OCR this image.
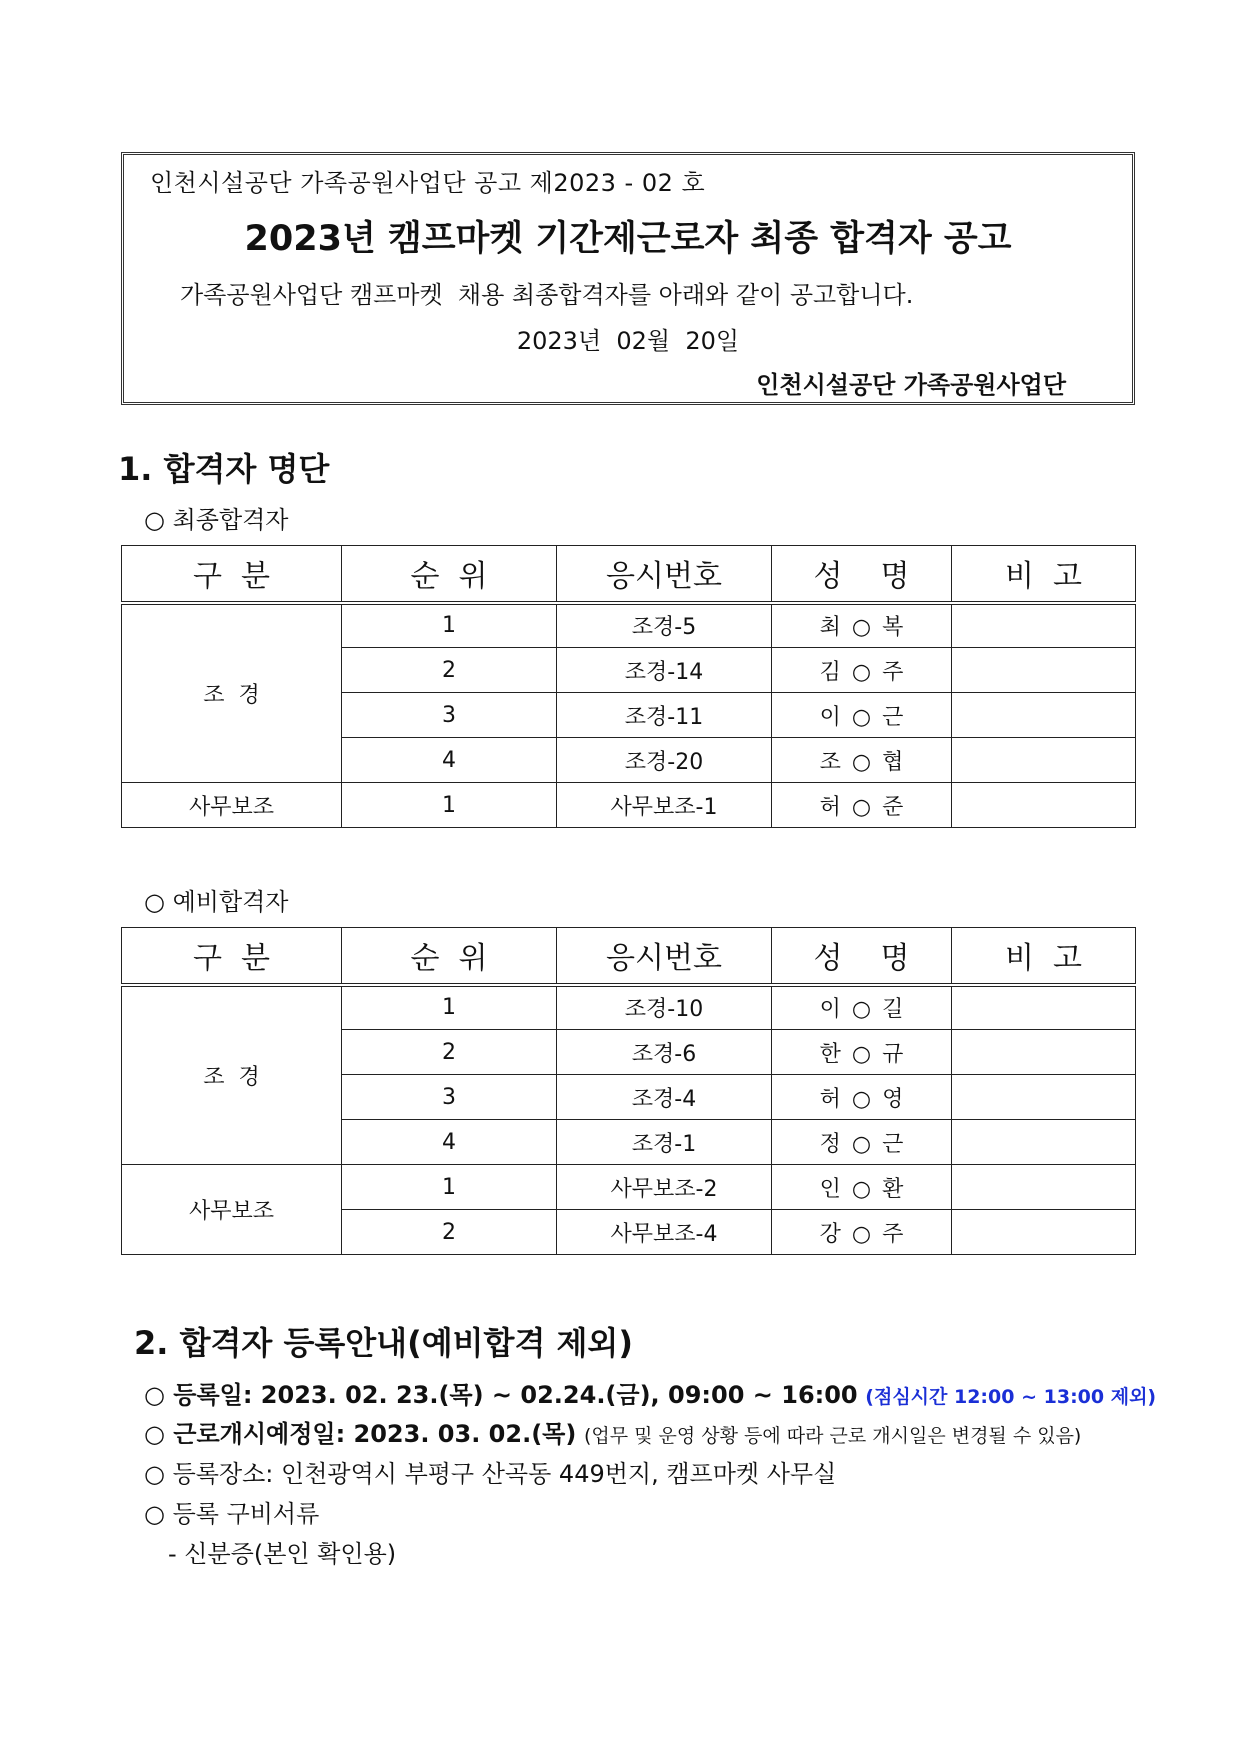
인천시설공단 가족공원사업단 공고 제2023 - 02 호
2023년 캠프마켓 기간제근로자 최종 합격자 공고
가족공원사업단 캠프마켓  채용 최종합격자를 아래와 같이 공고합니다.
2023년  02월  20일
인천시설공단 가족공원사업단
1. 합격자 명단
○ 최종합격자
구  분	순  위	응시번호	성    명	비  고
조  경	1	조경-5	최 ○ 복	
	2	조경-14	김 ○ 주	
	3	조경-11	이 ○ 근	
	4	조경-20	조 ○ 협	
사무보조	1	사무보조-1	허 ○ 준	
○ 예비합격자
구  분	순  위	응시번호	성    명	비  고
조  경	1	조경-10	이 ○ 길	
	2	조경-6	한 ○ 규	
	3	조경-4	허 ○ 영	
	4	조경-1	정 ○ 근	
사무보조	1	사무보조-2	인 ○ 환	
	2	사무보조-4	강 ○ 주	
2. 합격자 등록안내(예비합격 제외)
○ 등록일: 2023. 02. 23.(목) ~ 02.24.(금), 09:00 ~ 16:00 (점심시간 12:00 ~ 13:00 제외)
○ 근로개시예정일: 2023. 03. 02.(목) (업무 및 운영 상황 등에 따라 근로 개시일은 변경될 수 있음)
○ 등록장소: 인천광역시 부평구 산곡동 449번지, 캠프마켓 사무실
○ 등록 구비서류
- 신분증(본인 확인용)
